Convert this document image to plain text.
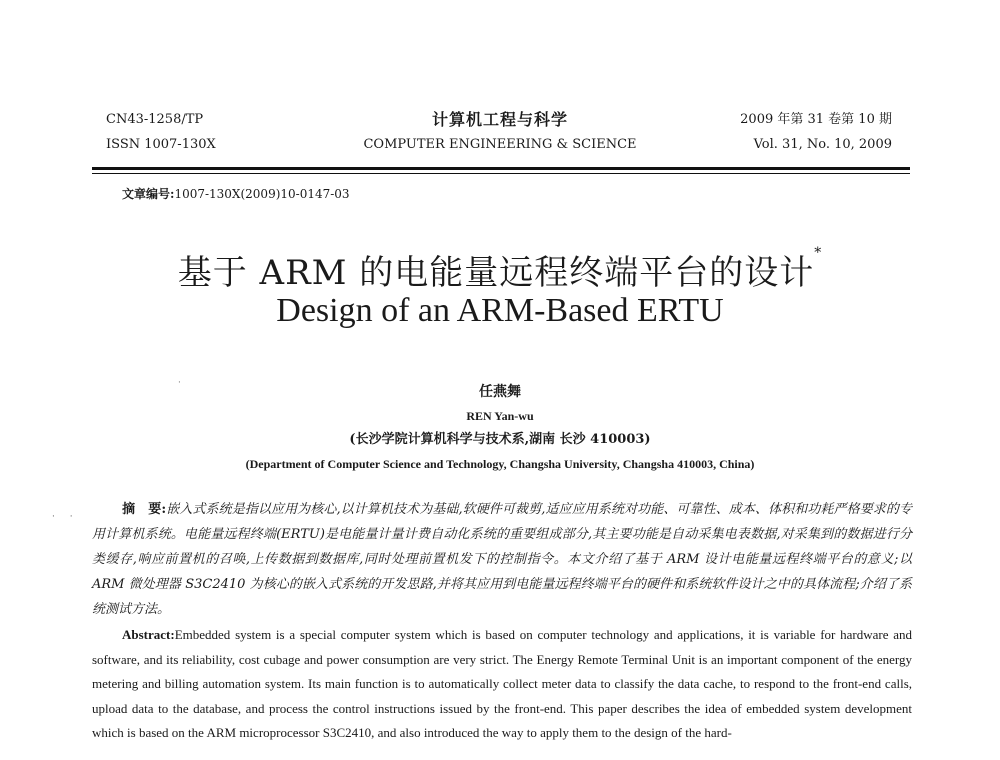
CN43-1258/TP
ISSN 1007-130X
计算机工程与科学
COMPUTER ENGINEERING & SCIENCE
2009 年第 31 卷第 10 期
Vol. 31, No. 10, 2009
文章编号:1007-130X(2009)10-0147-03
基于 ARM 的电能量远程终端平台的设计*
Design of an ARM-Based ERTU
·
任燕舞
REN Yan-wu
(长沙学院计算机科学与技术系,湖南 长沙 410003)
(Department of Computer Science and Technology, Changsha University, Changsha 410003, China)
· ·	摘　要:嵌入式系统是指以应用为核心,以计算机技术为基础,软硬件可裁剪,适应应用系统对功能、可靠性、成本、体积和功耗严格要求的专用计算机系统。电能量远程终端(ERTU)是电能量计量计费自动化系统的重要组成部分,其主要功能是自动采集电表数据,对采集到的数据进行分类缓存,响应前置机的召唤,上传数据到数据库,同时处理前置机发下的控制指令。本文介绍了基于 ARM 设计电能量远程终端平台的意义;以 ARM 微处理器 S3C2410 为核心的嵌入式系统的开发思路,并将其应用到电能量远程终端平台的硬件和系统软件设计之中的具体流程;介绍了系统测试方法。
Abstract:Embedded system is a special computer system which is based on computer technology and applications, it is variable for hardware and software, and its reliability, cost cubage and power consumption are very strict. The Energy Remote Terminal Unit is an important component of the energy metering and billing automation system. Its main function is to automatically collect meter data to classify the data cache, to respond to the front-end calls, upload data to the database, and process the control instructions issued by the front-end. This paper describes the idea of embedded system development which is based on the ARM microprocessor S3C2410, and also introduced the way to apply them to the design of the hard-
